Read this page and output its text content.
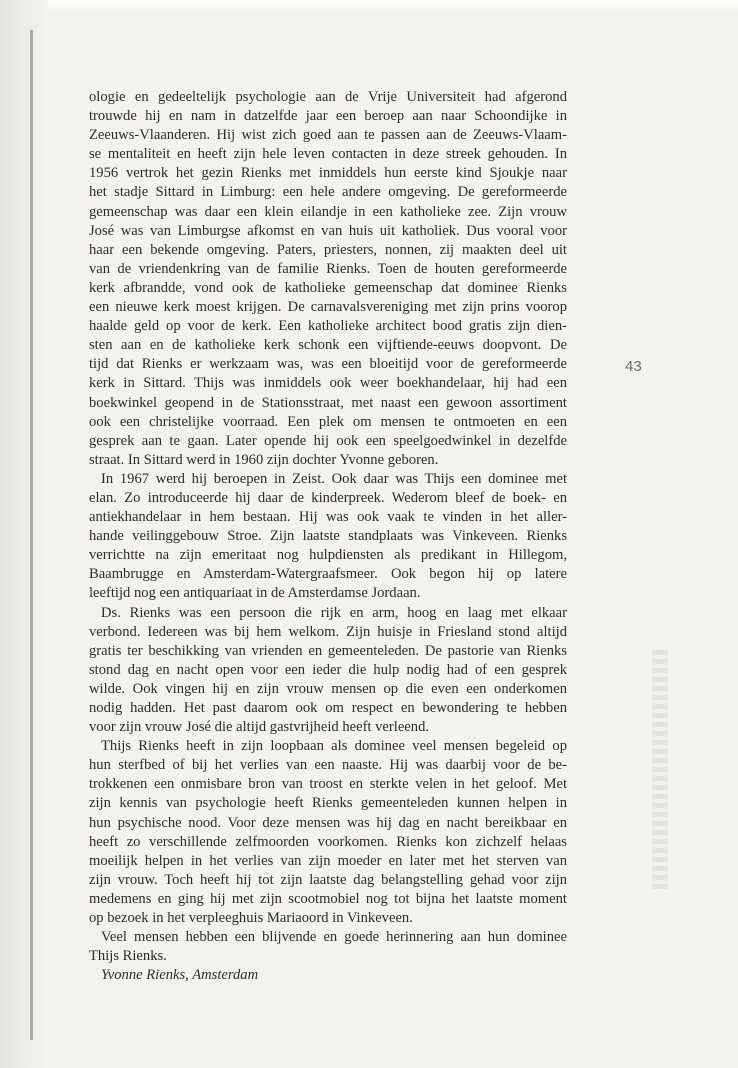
43
ologie en gedeeltelijk psychologie aan de Vrije Universiteit had afgerond
trouwde hij en nam in datzelfde jaar een beroep aan naar Schoondijke in
Zeeuws-Vlaanderen. Hij wist zich goed aan te passen aan de Zeeuws-Vlaam-
se mentaliteit en heeft zijn hele leven contacten in deze streek gehouden. In
1956 vertrok het gezin Rienks met inmiddels hun eerste kind Sjoukje naar
het stadje Sittard in Limburg: een hele andere omgeving. De gereformeerde
gemeenschap was daar een klein eilandje in een katholieke zee. Zijn vrouw
José was van Limburgse afkomst en van huis uit katholiek. Dus vooral voor
haar een bekende omgeving. Paters, priesters, nonnen, zij maakten deel uit
van de vriendenkring van de familie Rienks. Toen de houten gereformeerde
kerk afbrandde, vond ook de katholieke gemeenschap dat dominee Rienks
een nieuwe kerk moest krijgen. De carnavalsvereniging met zijn prins voorop
haalde geld op voor de kerk. Een katholieke architect bood gratis zijn dien-
sten aan en de katholieke kerk schonk een vijftiende-eeuws doopvont. De
tijd dat Rienks er werkzaam was, was een bloeitijd voor de gereformeerde
kerk in Sittard. Thijs was inmiddels ook weer boekhandelaar, hij had een
boekwinkel geopend in de Stationsstraat, met naast een gewoon assortiment
ook een christelijke voorraad. Een plek om mensen te ontmoeten en een
gesprek aan te gaan. Later opende hij ook een speelgoedwinkel in dezelfde
straat. In Sittard werd in 1960 zijn dochter Yvonne geboren.
In 1967 werd hij beroepen in Zeist. Ook daar was Thijs een dominee met
elan. Zo introduceerde hij daar de kinderpreek. Wederom bleef de boek- en
antiekhandelaar in hem bestaan. Hij was ook vaak te vinden in het aller-
hande veilinggebouw Stroe. Zijn laatste standplaats was Vinkeveen. Rienks
verrichtte na zijn emeritaat nog hulpdiensten als predikant in Hillegom,
Baambrugge en Amsterdam-Watergraafsmeer. Ook begon hij op latere
leeftijd nog een antiquariaat in de Amsterdamse Jordaan.
Ds. Rienks was een persoon die rijk en arm, hoog en laag met elkaar
verbond. Iedereen was bij hem welkom. Zijn huisje in Friesland stond altijd
gratis ter beschikking van vrienden en gemeenteleden. De pastorie van Rienks
stond dag en nacht open voor een ieder die hulp nodig had of een gesprek
wilde. Ook vingen hij en zijn vrouw mensen op die even een onderkomen
nodig hadden. Het past daarom ook om respect en bewondering te hebben
voor zijn vrouw José die altijd gastvrijheid heeft verleend.
Thijs Rienks heeft in zijn loopbaan als dominee veel mensen begeleid op
hun sterfbed of bij het verlies van een naaste. Hij was daarbij voor de be-
trokkenen een onmisbare bron van troost en sterkte velen in het geloof. Met
zijn kennis van psychologie heeft Rienks gemeenteleden kunnen helpen in
hun psychische nood. Voor deze mensen was hij dag en nacht bereikbaar en
heeft zo verschillende zelfmoorden voorkomen. Rienks kon zichzelf helaas
moeilijk helpen in het verlies van zijn moeder en later met het sterven van
zijn vrouw. Toch heeft hij tot zijn laatste dag belangstelling gehad voor zijn
medemens en ging hij met zijn scootmobiel nog tot bijna het laatste moment
op bezoek in het verpleeghuis Mariaoord in Vinkeveen.
Veel mensen hebben een blijvende en goede herinnering aan hun dominee
Thijs Rienks.
Yvonne Rienks, Amsterdam
